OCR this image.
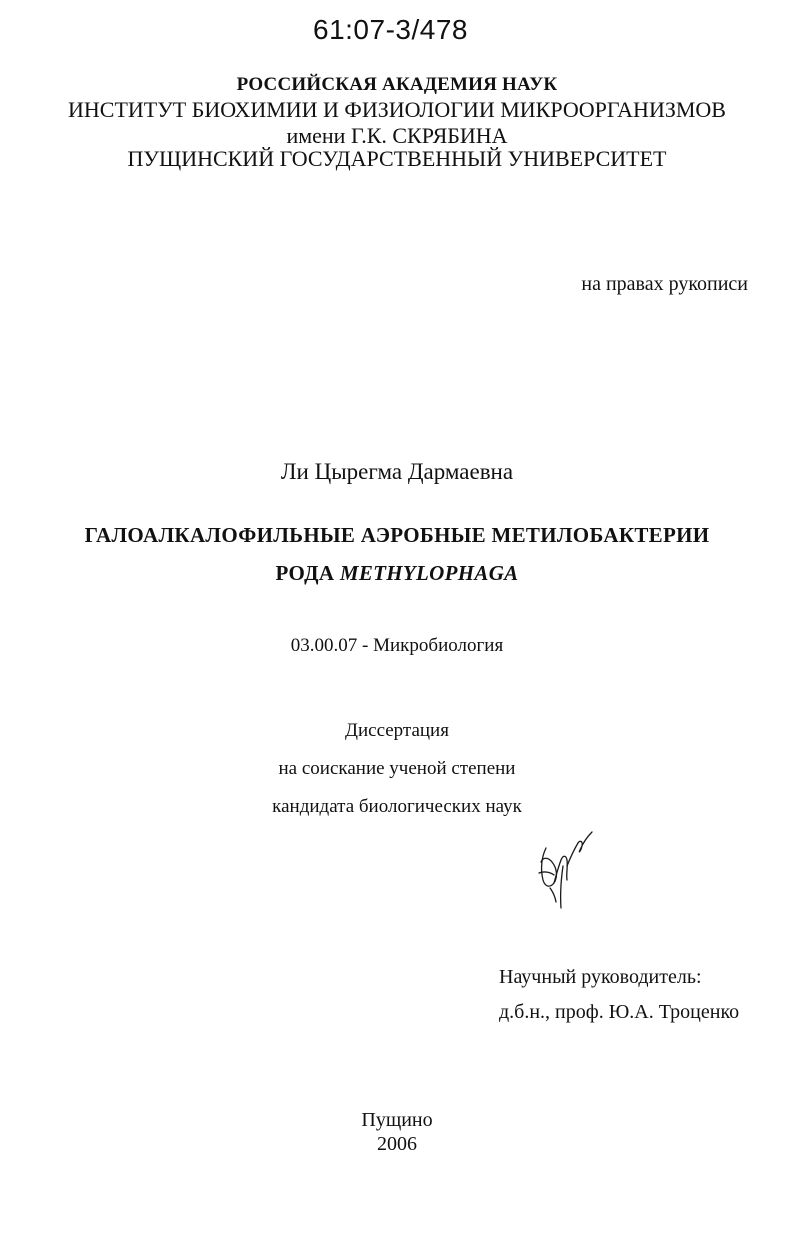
61:07-3/478
РОССИЙСКАЯ АКАДЕМИЯ НАУК
ИНСТИТУТ БИОХИМИИ И ФИЗИОЛОГИИ МИКРООРГАНИЗМОВ
имени Г.К. СКРЯБИНА
ПУЩИНСКИЙ ГОСУДАРСТВЕННЫЙ УНИВЕРСИТЕТ
на правах рукописи
Ли Цырегма Дармаевна
ГАЛОАЛКАЛОФИЛЬНЫЕ АЭРОБНЫЕ МЕТИЛОБАКТЕРИИ
РОДА METHYLOPHAGA
03.00.07 - Микробиология
Диссертация
на соискание ученой степени
кандидата биологических наук
Научный руководитель:
д.б.н., проф. Ю.А. Троценко
Пущино
2006
